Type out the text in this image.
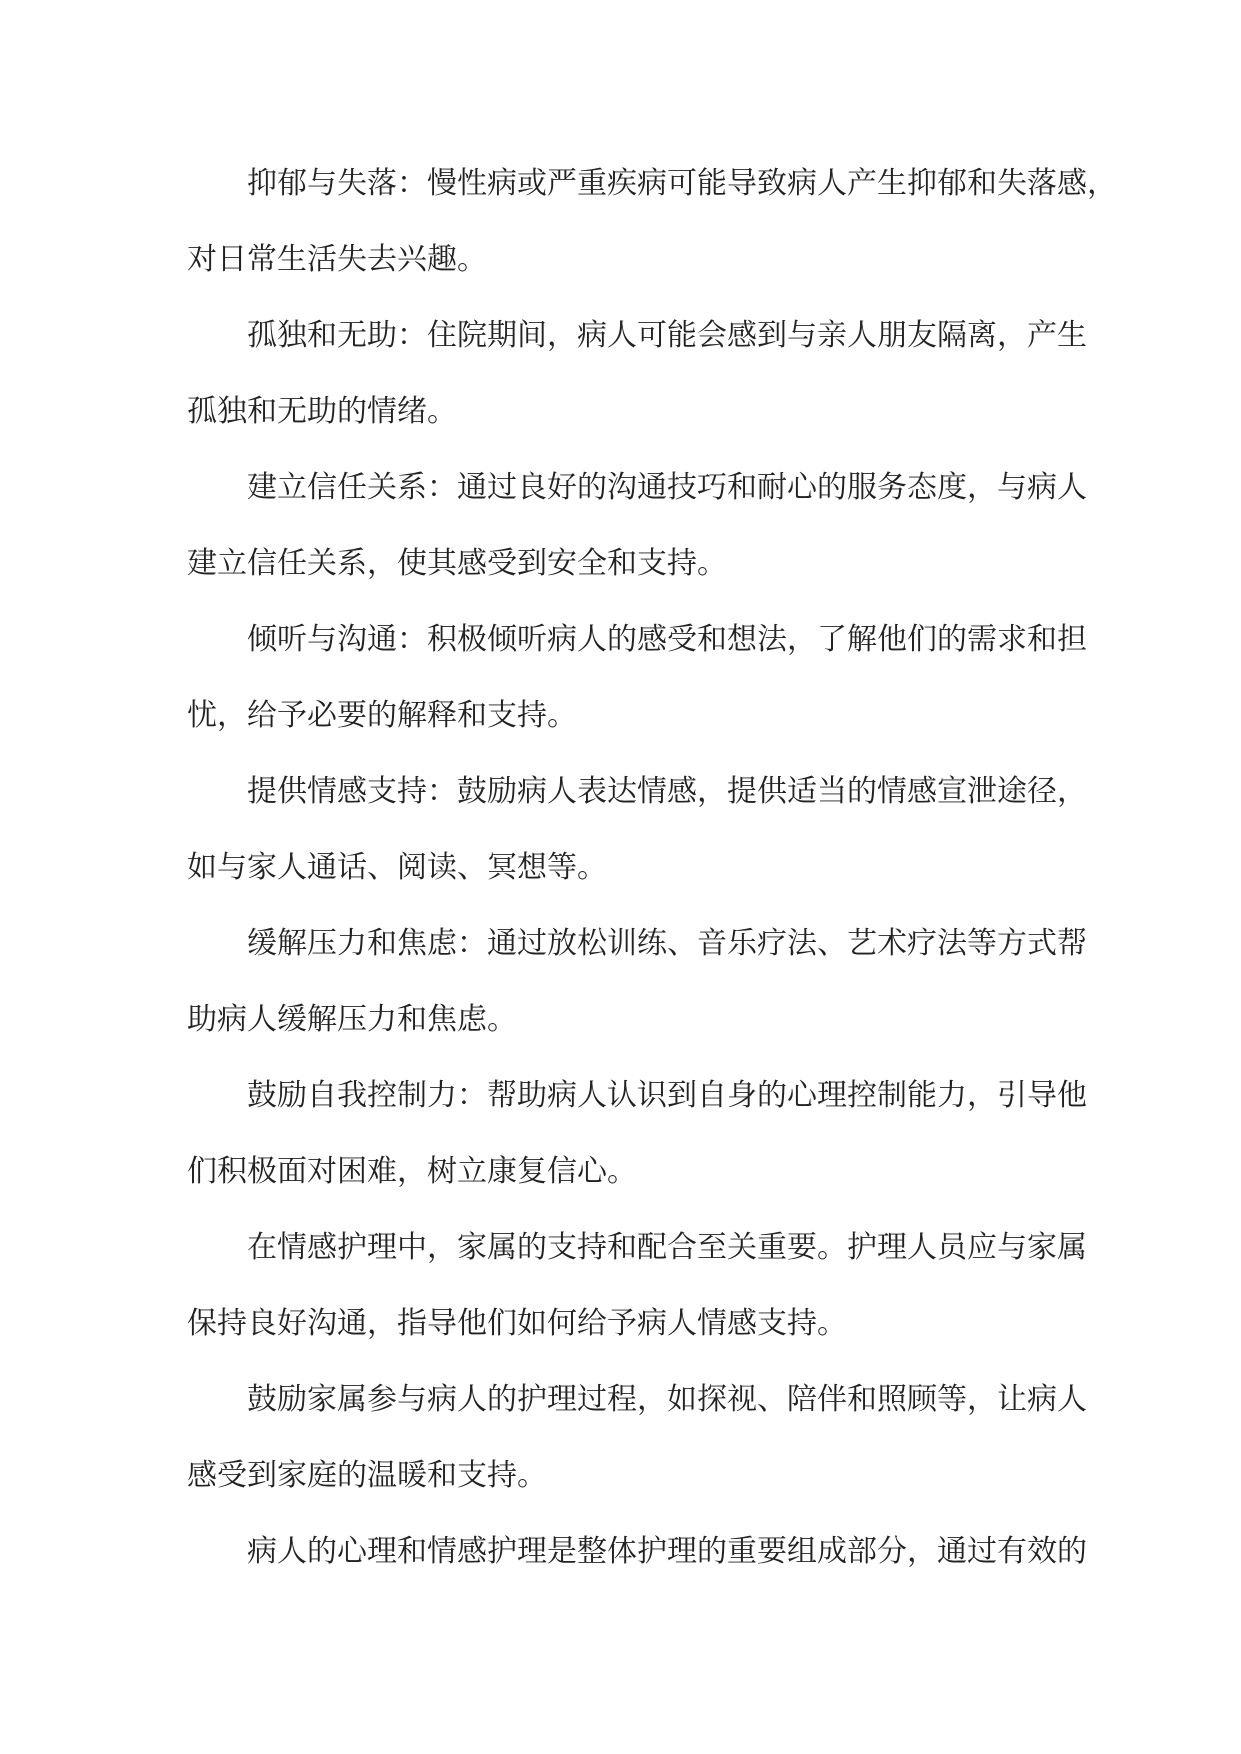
抑郁与失落：慢性病或严重疾病可能导致病人产生抑郁和失落感，
对日常生活失去兴趣。

孤独和无助：住院期间，病人可能会感到与亲人朋友隔离，产生
孤独和无助的情绪。

建立信任关系：通过良好的沟通技巧和耐心的服务态度，与病人
建立信任关系，使其感受到安全和支持。

倾听与沟通：积极倾听病人的感受和想法，了解他们的需求和担
忧，给予必要的解释和支持。

提供情感支持：鼓励病人表达情感，提供适当的情感宣泄途径，
如与家人通话、阅读、冥想等。

缓解压力和焦虑：通过放松训练、音乐疗法、艺术疗法等方式帮
助病人缓解压力和焦虑。

鼓励自我控制力：帮助病人认识到自身的心理控制能力，引导他
们积极面对困难，树立康复信心。

在情感护理中，家属的支持和配合至关重要。护理人员应与家属
保持良好沟通，指导他们如何给予病人情感支持。

鼓励家属参与病人的护理过程，如探视、陪伴和照顾等，让病人
感受到家庭的温暖和支持。

病人的心理和情感护理是整体护理的重要组成部分，通过有效的
